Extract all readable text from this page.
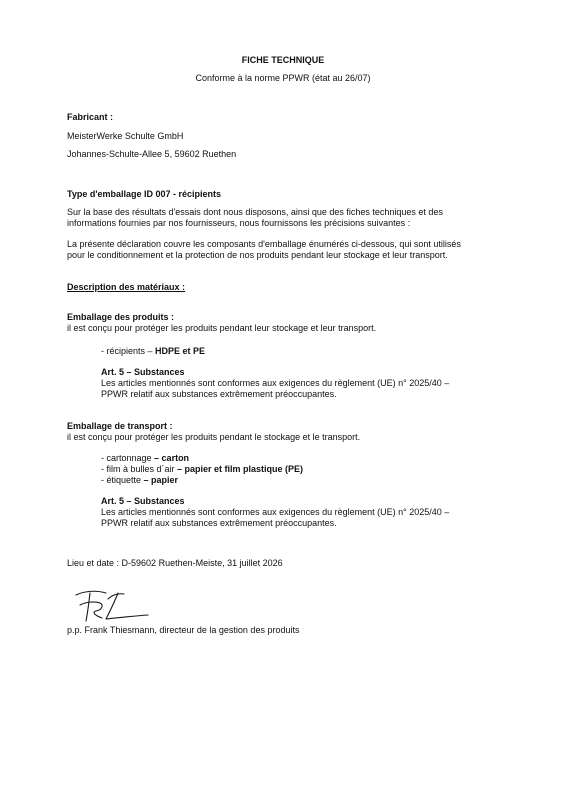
FICHE TECHNIQUE
Conforme à la norme PPWR (état au 26/07)
Fabricant :
MeisterWerke Schulte GmbH
Johannes-Schulte-Allee 5, 59602 Ruethen
Type d'emballage ID 007 - récipients
Sur la base des résultats d'essais dont nous disposons, ainsi que des fiches techniques et des
informations fournies par nos fournisseurs, nous fournissons les précisions suivantes :
La présente déclaration couvre les composants d'emballage énumérés ci-dessous, qui sont utilisés
pour le conditionnement et la protection de nos produits pendant leur stockage et leur transport.
Description des matériaux :
Emballage des produits :
il est conçu pour protéger les produits pendant leur stockage et leur transport.
- récipients – HDPE et PE
Art. 5 – Substances
Les articles mentionnés sont conformes aux exigences du règlement (UE) n° 2025/40 –
PPWR relatif aux substances extrêmement préoccupantes.
Emballage de transport :
il est conçu pour protéger les produits pendant le stockage et le transport.
- cartonnage – carton
- film à bulles d´air – papier et film plastique (PE)
- étiquette – papier
Art. 5 – Substances
Les articles mentionnés sont conformes aux exigences du règlement (UE) n° 2025/40 –
PPWR relatif aux substances extrêmement préoccupantes.
Lieu et date : D-59602 Ruethen-Meiste, 31 juillet 2026
p.p. Frank Thiesmann, directeur de la gestion des produits
